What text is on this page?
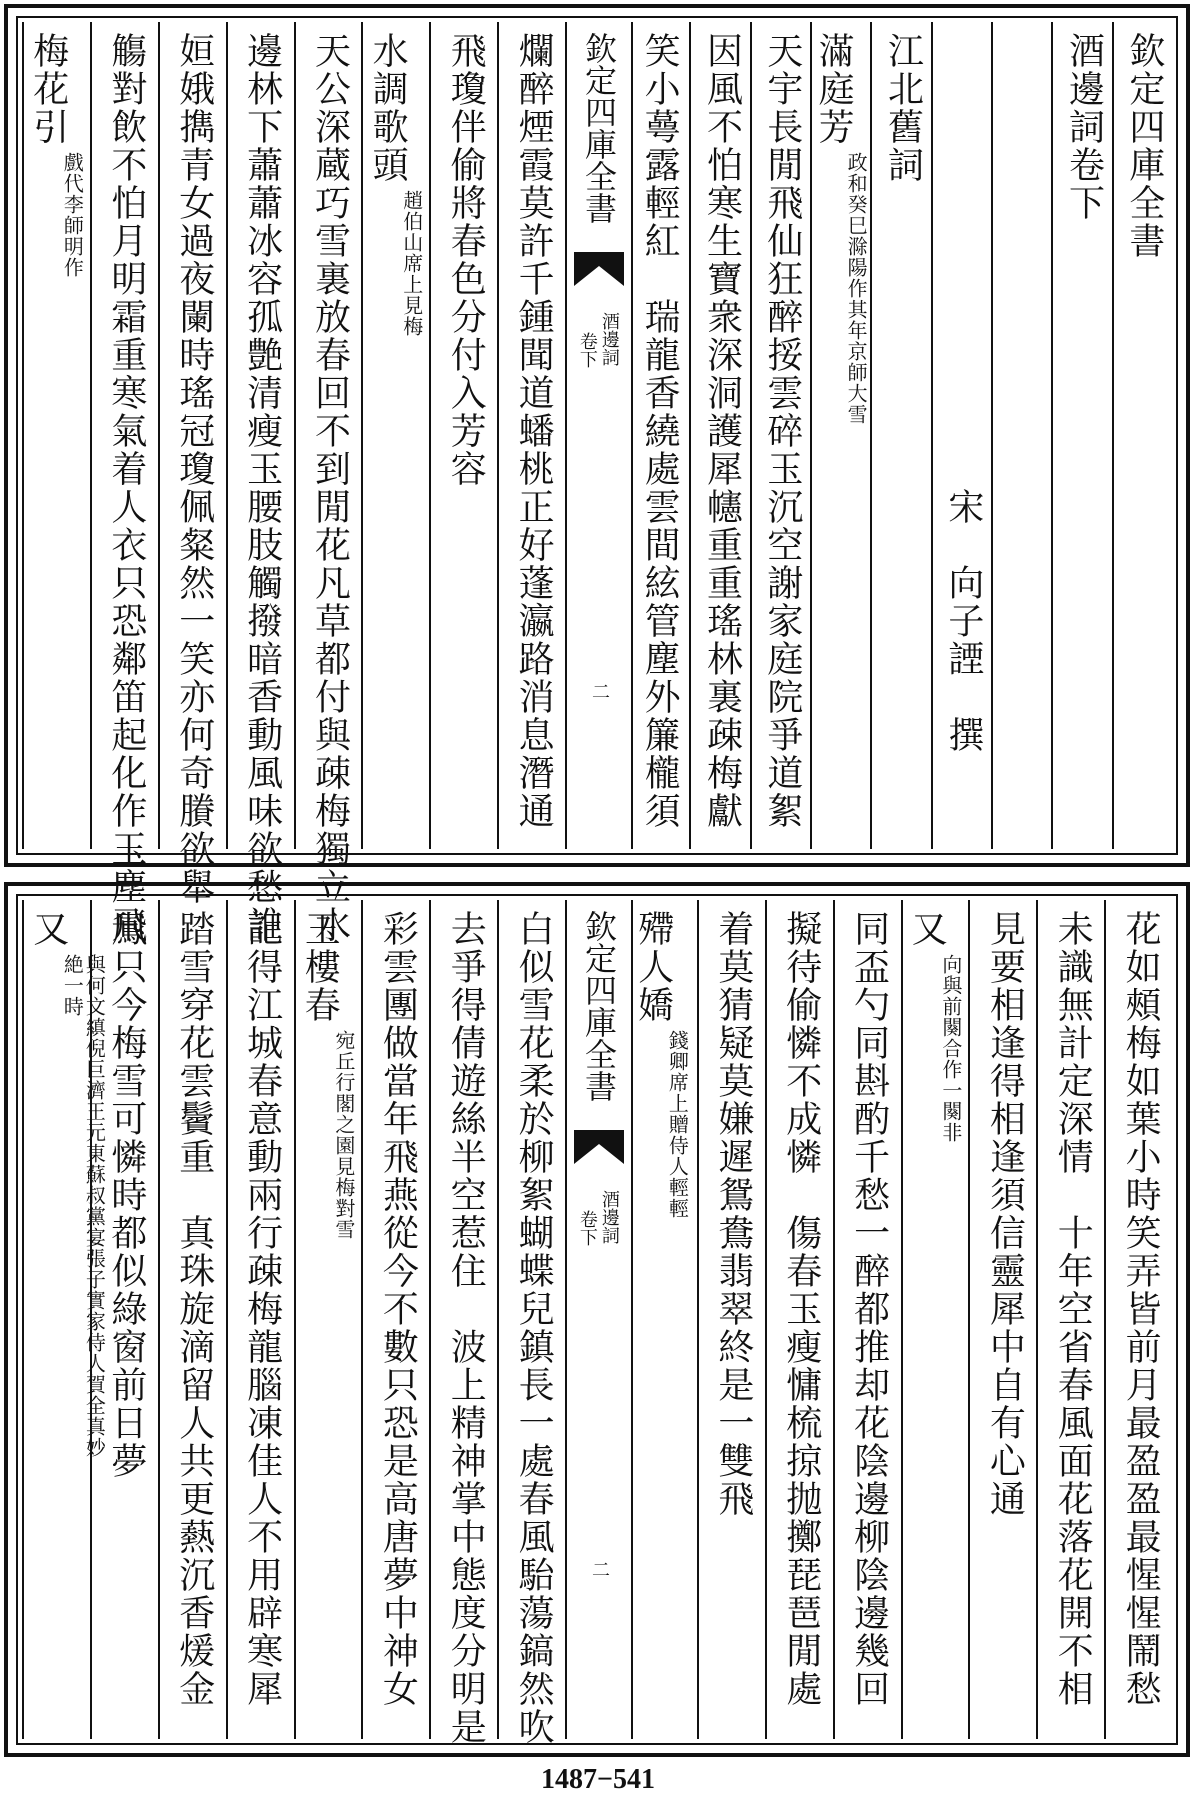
欽定四庫全書
酒邊詞卷下
　　　　　　　　　　　　宋　向子諲　撰
江北舊詞
滿庭芳
政和癸巳滁陽作其年京師大雪
天宇長閒飛仙狂醉挼雲碎玉沉空謝家庭院爭道絮
因風不怕寒生寶衆深洞護犀幰重重瑤林裏疎梅獻
笑小蕚露輕紅　瑞龍香繞處雲間絃管塵外簾櫳須
欽定四庫全書
酒邊詞
卷下
二
爛醉煙霞莫許千鍾聞道蟠桃正好蓬瀛路消息潛通
飛瓊伴偷將春色分付入芳容
水調歌頭
趙伯山席上見梅
天公深蔵巧雪裏放春回不到閒花凡草都付與疎梅獨立水
邊林下蕭蕭冰容孤艶清瘦玉腰肢觸撥暗香動風味欲愁誰
姮娥擕青女過夜闌時瑤冠瓊佩粲然一笑亦何奇賸欲舉
觴對飲不怕月明霜重寒氣着人衣只恐鄰笛起化作玉塵飛
梅花引
戲代李師明作
花如頰梅如葉小時笑弄皆前月最盈盈最惺惺鬧愁
未識無計定深情　十年空省春風面花落花開不相
見要相逢得相逢須信靈犀中自有心通
又
向與前闋合作一闋非
同盃勺同斟酌千愁一醉都推却花陰邊柳陰邊幾回
擬待偷憐不成憐　傷春玉瘦慵梳掠抛擲琵琶閒處
着莫猜疑莫嫌遲鴛鴦翡翠終是一雙飛
殢人嬌
錢卿席上贈侍人輕輕
欽定四庫全書
酒邊詞
卷下
二
白似雪花柔於柳絮蝴蝶兒鎮長一處春風駘蕩鎬然吹
去爭得倩遊絲半空惹住　波上精神掌中態度分明是
彩雲團做當年飛燕從今不數只恐是高唐夢中神女
玉樓春
宛丘行閣之園見梅對雪
記得江城春意動兩行疎梅龍腦凍佳人不用辟寒犀
踏雪穿花雲鬢重　真珠旋滴留人共更爇沉香煖金
鳳只今梅雪可憐時都似綠窗前日夢
又
與何文縝倪巨濟王元東蘇叔黨宴張子實家侍人賀全真妙絶一時
1487−541
